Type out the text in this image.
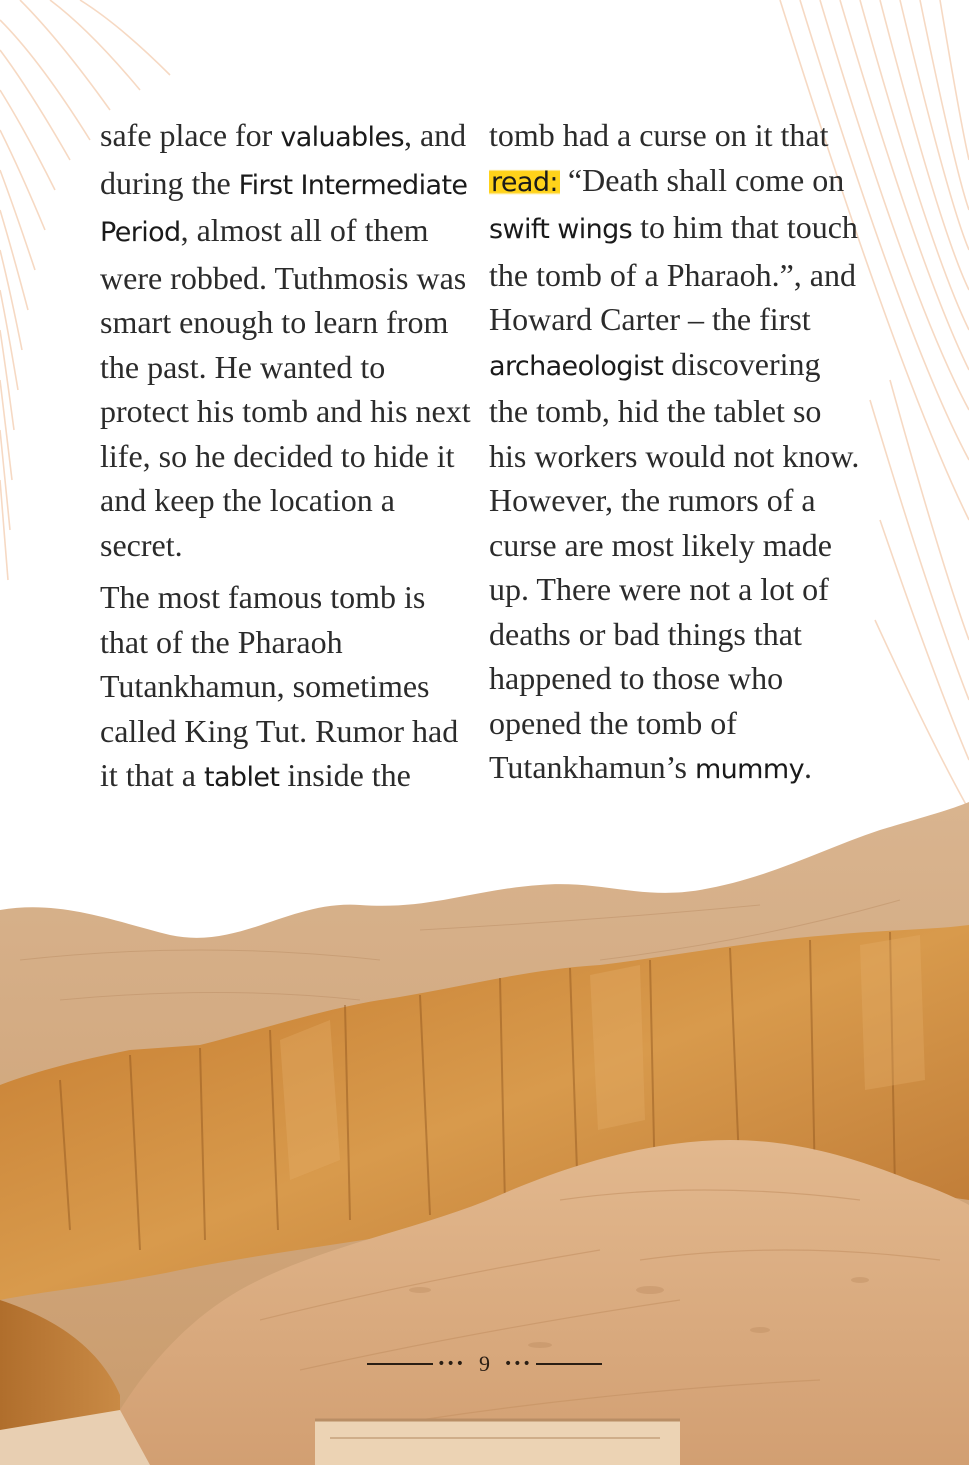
safe place for valuables, and during the First Intermediate Period, almost all of them were robbed. Tuthmosis was smart enough to learn from the past. He wanted to protect his tomb and his next life, so he decided to hide it and keep the location a secret.

The most famous tomb is that of the Pharaoh Tutankhamun, sometimes called King Tut. Rumor had it that a tablet inside the

tomb had a curse on it that read: “Death shall come on swift wings to him that touch the tomb of a Pharaoh.”, and Howard Carter – the first archaeologist discovering the tomb, hid the tablet so his workers would not know. However, the rumors of a curse are most likely made up. There were not a lot of deaths or bad things that happened to those who opened the tomb of Tutankhamun’s mummy.

••• 9 •••
